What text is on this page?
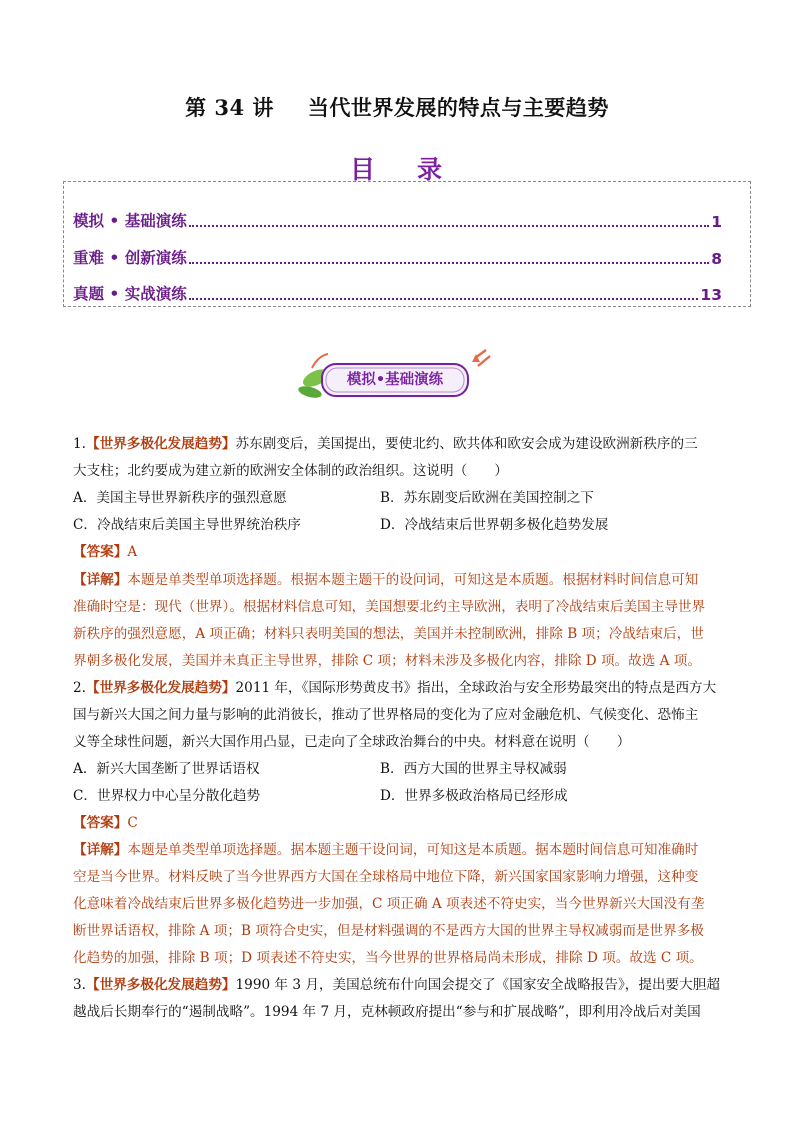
第 34 讲 当代世界发展的特点与主要趋势
目 录
模拟 • 基础演练	1
重难 • 创新演练	8
真题 • 实战演练	13
模拟•基础演练
1.【世界多极化发展趋势】苏东剧变后，美国提出，要使北约、欧共体和欧安会成为建设欧洲新秩序的三
大支柱；北约要成为建立新的欧洲安全体制的政治组织。这说明（　　）
A．美国主导世界新秩序的强烈意愿	B．苏东剧变后欧洲在美国控制之下
C．冷战结束后美国主导世界统治秩序	D．冷战结束后世界朝多极化趋势发展
【答案】A
【详解】本题是单类型单项选择题。根据本题主题干的设问词，可知这是本质题。根据材料时间信息可知
准确时空是：现代（世界）。根据材料信息可知，美国想要北约主导欧洲，表明了冷战结束后美国主导世界
新秩序的强烈意愿，A 项正确；材料只表明美国的想法，美国并未控制欧洲，排除 B 项；冷战结束后，世
界朝多极化发展，美国并未真正主导世界，排除 C 项；材料未涉及多极化内容，排除 D 项。故选 A 项。
2.【世界多极化发展趋势】2011 年，《国际形势黄皮书》指出，全球政治与安全形势最突出的特点是西方大
国与新兴大国之间力量与影响的此消彼长，推动了世界格局的变化为了应对金融危机、气候变化、恐怖主
义等全球性问题，新兴大国作用凸显，已走向了全球政治舞台的中央。材料意在说明（　　）
A．新兴大国垄断了世界话语权	B．西方大国的世界主导权减弱
C．世界权力中心呈分散化趋势	D．世界多极政治格局已经形成
【答案】C
【详解】本题是单类型单项选择题。据本题主题干设问词，可知这是本质题。据本题时间信息可知准确时
空是当今世界。材料反映了当今世界西方大国在全球格局中地位下降，新兴国家国家影响力增强，这种变
化意味着冷战结束后世界多极化趋势进一步加强，C 项正确 A 项表述不符史实，当今世界新兴大国没有垄
断世界话语权，排除 A 项；B 项符合史实，但是材料强调的不是西方大国的世界主导权减弱而是世界多极
化趋势的加强，排除 B 项；D 项表述不符史实，当今世界的世界格局尚未形成，排除 D 项。故选 C 项。
3.【世界多极化发展趋势】1990 年 3 月，美国总统布什向国会提交了《国家安全战略报告》，提出要大胆超
越战后长期奉行的“遏制战略”。1994 年 7 月，克林顿政府提出“参与和扩展战略”，即利用冷战后对美国
